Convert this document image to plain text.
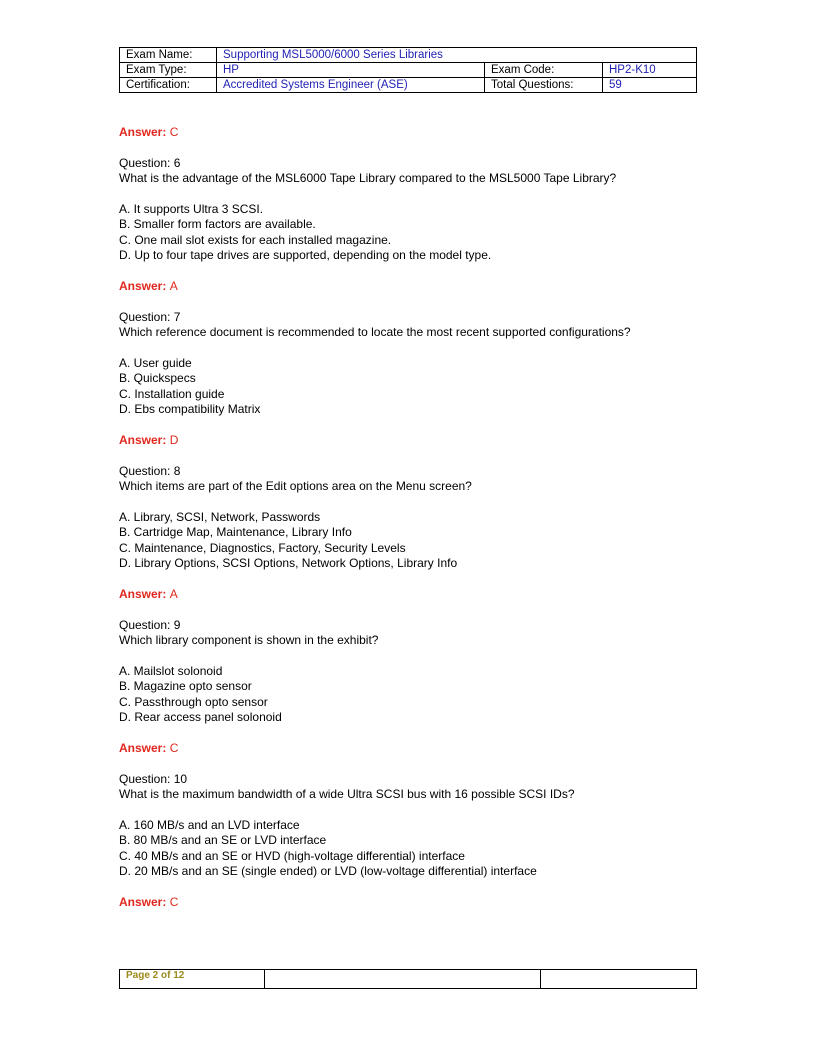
Exam Name:	Supporting MSL5000/6000 Series Libraries		
Exam Type:	HP	Exam Code:	HP2-K10
Certification:	Accredited Systems Engineer (ASE)	Total Questions:	59
Answer: C
Question: 6
What is the advantage of the MSL6000 Tape Library compared to the MSL5000 Tape Library?
A. It supports Ultra 3 SCSI.
B. Smaller form factors are available.
C. One mail slot exists for each installed magazine.
D. Up to four tape drives are supported, depending on the model type.
Answer: A
Question: 7
Which reference document is recommended to locate the most recent supported configurations?
A. User guide
B. Quickspecs
C. Installation guide
D. Ebs compatibility Matrix
Answer: D
Question: 8
Which items are part of the Edit options area on the Menu screen?
A. Library, SCSI, Network, Passwords
B. Cartridge Map, Maintenance, Library Info
C. Maintenance, Diagnostics, Factory, Security Levels
D. Library Options, SCSI Options, Network Options, Library Info
Answer: A
Question: 9
Which library component is shown in the exhibit?
A. Mailslot solonoid
B. Magazine opto sensor
C. Passthrough opto sensor
D. Rear access panel solonoid
Answer: C
Question: 10
What is the maximum bandwidth of a wide Ultra SCSI bus with 16 possible SCSI IDs?
A. 160 MB/s and an LVD interface
B. 80 MB/s and an SE or LVD interface
C. 40 MB/s and an SE or HVD (high-voltage differential) interface
D. 20 MB/s and an SE (single ended) or LVD (low-voltage differential) interface
Answer: C
Page 2 of 12		
